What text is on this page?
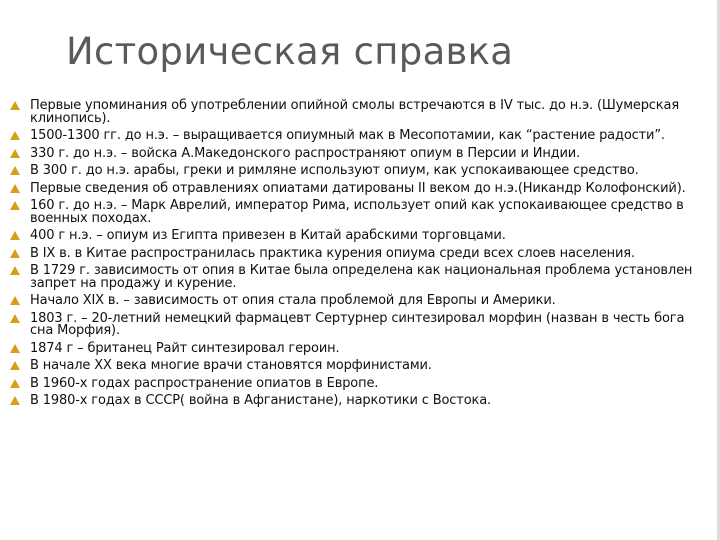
Историческая справка
Первые упоминания об употреблении опийной смолы встречаются в IV тыс. до н.э. (Шумерская клинопись).
1500-1300 гг. до н.э. – выращивается опиумный мак в Месопотамии, как “растение радости”.
330 г. до н.э. – войска А.Македонского распространяют опиум в Персии и Индии.
В 300 г. до н.э. арабы, греки и римляне используют опиум, как успокаивающее средство.
Первые сведения об отравлениях опиатами датированы II веком до н.э.(Никандр Колофонский).
160 г. до н.э. – Марк Аврелий, император Рима, использует опий как успокаивающее средство в военных походах.
400 г н.э. – опиум из Египта привезен в Китай арабскими торговцами.
В IX в. в Китае распространилась практика курения опиума среди всех слоев населения.
В 1729 г. зависимость от опия в Китае была определена как национальная проблема установлен запрет на продажу и курение.
Начало XIX в. – зависимость от опия стала проблемой для Европы и Америки.
1803 г. – 20-летний немецкий фармацевт Сертурнер синтезировал морфин (назван в честь бога сна Морфия).
1874 г – британец Райт синтезировал героин.
В начале XX века многие врачи становятся морфинистами.
В 1960-х годах распространение опиатов в Европе.
В 1980-х годах в СССР( война в Афганистане), наркотики с Востока.
